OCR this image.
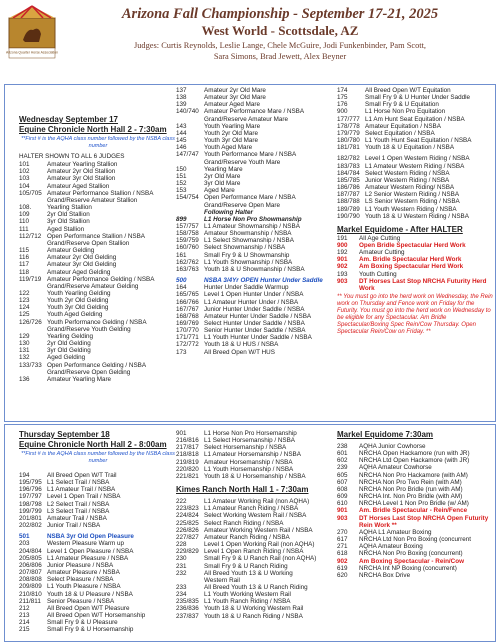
Arizona Quarter Horse Association
Arizona Fall Championship - September 17-21, 2025
West World - Scottsdale, AZ
Judges: Curtis Reynolds, Leslie Lange, Chele McGuire, Jodi Funkenbinder, Pam Scott,
Sara Simons, Brad Jewett, Alex Beyner
Wednesday September 17
Equine Chronicle North Hall 2 - 7:30am
**First # is the AQHA class number followed by the NSBA class number
HALTER SHOWN TO ALL 6 JUDGES
101	Amateur Yearling Stallion
102	Amateur 2yr Old Stallion
103	Amateur 3yr Old Stallion
104	Amateur Aged Stallion
105/705 Amateur Performance Stallion / NSBA
Grand/Reserve Amateur Stallion
108.	Yearling Stallion
109	2yr Old Stallion
110	3yr Old Stallion
111	Aged Stallion
112/712 Open Performance Stallion / NSBA
Grand/Reserve Open Stallion
115	Amateur Gelding
116	Amateur 2yr Old Gelding
117	Amateur 3yr Old Gelding
118	Amateur Aged Gelding
119/719 Amateur Performance Gelding / NSBA
Grand/Reserve Amateur Gelding
122	Youth Yearling Gelding
123	Youth 2yr Old Gelding
124	Youth 3yr Old Gelding
125	Youth Aged Gelding
126/726 Youth Performance Gelding / NSBA
Grand/Reserve Youth Gelding
129	Yearling Gelding
130	2yr Old Gelding
131	3yr Old Gelding
132	Aged Gelding
133/733 Open Performance Gelding / NSBA
Grand/Reserve Open Gelding
136	Amateur Yearling Mare
137	Amateur 2yr Old Mare
138	Amateur 3yr Old Mare
139	Amateur Aged Mare
140/740 Amateur Performance Mare / NSBA
Grand/Reserve Amateur Mare
143	Youth Yearling Mare
144	Youth 2yr Old Mare
145	Youth 3yr Old Mare
146	Youth Aged Mare
147/747 Youth Performance Mare / NSBA
Grand/Reserve Youth Mare
150	Yearling Mare
151	2yr Old Mare
152	3yr Old Mare
153	Aged Mare
154/754 Open Performance Mare / NSBA
Grand/Reserve Open Mare
Following Halter
899	L1 Horse Non Pro Showmanship
157/757 L1 Amateur Showmanship / NSBA
158/758 Amateur Showmanship / NSBA
159/759 L1 Select Showmanship / NSBA
160/760 Select Showmanship / NSBA
161	Small Fry 9 & U Showmanship
162/762 L1 Youth Showmanship / NSBA
163/763 Youth 18 & U Showmanship / NSBA
500	NSBA 3/4Yr OPEN Hunter Under Saddle
164	Hunter Under Saddle Warmup
165/765 Level 1 Open Hunter Under / NSBA
166/766 L1 Amateur Hunter Under / NSBA
167/767 Junior Hunter Under Saddle / NSBA
168/768 Amateur Hunter Under Saddle / NSBA
169/769 Select Hunter Under Saddle / NSBA
170/770 Senior Hunter Under Saddle / NSBA
171/771 L1 Youth Hunter Under Saddle / NSBA
172/772 Youth 18 & U HUS / NSBA
173	All Breed Open W/T HUS
174	All Breed Open W/T Equitation
175	Small Fry 9 & U Hunter Under Saddle
176	Small Fry 9 & U Equitation
900	L1 Horse Non Pro Equitation
177/777 L1 Am Hunt Seat Equitation / NSBA
178/778 Amateur Equitation / NSBA
179/779 Select Equitation / NSBA
180/780 L1 Youth Hunt Seat Equitation / NSBA
181/781 Youth 18 & U Equitation / NSBA
182/782 Level 1 Open Western Riding / NSBA
183/783 L1 Amateur Western Riding / NSBA
184/784 Select Western Riding / NSBA
185/785 Junior Western Riding / NSBA
186/786 Amateur Western Riding/ NSBA
187/787 L2 Senior Western Riding / NSBA
188/788 LS Senior Western Riding / NSBA
189/789 L1 Youth Western Riding / NSBA
190/790 Youth 18 & U Western Riding / NSBA
Markel Equidome - After HALTER
191	All Age Cutting
900	Open Bridle Spectacular Herd Work
192	Amateur Cutting
901	Am. Bridle Spectacular Herd Work
902	Am Boxing Spectacular Herd Work
193	Youth Cutting
903	DT Horses Last Stop NRCHA Futurity Herd Work
** You must go into the herd work on Wednesday, the Rein work on Thursday and Fence work on Friday for the Futurity. You must go into the herd work on Wednesday to be eligible for any Spectacular. Am Bridle Spectacular/Boxing Spec Rein/Cow Thursday. Open Spectacular Rein/Cow on Friday. **
Thursday September 18
Equine Chronicle North Hall 2 - 8:00am
**First # is the AQHA class number followed by the NSBA class number
194	All Breed Open W/T Trail
195/795 L1 Select Trail / NSBA
196/796 L1 Amateur Trail / NSBA
197/797 Level 1 Open Trail / NSBA
198/798 L2 Select Trail / NSBA
199/799 L3 Select Trail / NSBA
201/801 Amateur Trail / NSBA
202/802 Junior Trail / NSBA
501	NSBA 3yr Old Open Pleasure
203	Western Pleasure Warm up
204/804 Level 1 Open Pleasure / NSBA
205/805 L1 Amateur Pleasure / NSBA
206/806 Junior Pleasure / NSBA
207/807 Amateur Pleasure / NSBA
208/808 Select Pleasure / NSBA
209/809 L1 Youth Pleasure / NSBA
210/810 Youth 18 & U Pleasure / NSBA
211/811 Senior Pleasure / NSBA
212	All Breed Open W/T Pleasure
213	All Breed Open W/T Horsemanship
214	Small Fry 9 & U Pleasure
215	Small Fry 9 & U Horsemanship
901	L1 Horse Non Pro Horsemanship
216/816 L1 Select Horsemanship / NSBA
217/817 Select Horsemanship / NSBA
218/818 L1 Amateur Horsemanship / NSBA
219/819 Amateur Horsemanship / NSBA
220/820 L1 Youth Horsemanship / NSBA
221/821 Youth 18 & U Horsemanship / NSBA
Kimes Ranch North Hall 1 - 7:30am
222	L1 Amateur Working Rail (non AQHA)
223/823 L1 Amateur Ranch Riding / NSBA
224/824 Select Working Western Rail / NSBA
225/825 Select Ranch Riding / NSBA
226/826 Amateur Working Western Rail / NSBA
227/827 Amateur Ranch Riding / NSBA
228	Level 1 Open Working Rail (non AQHA)
229/829 Level 1 Open Ranch Riding / NSBA
230	Small Fry 9 & U Ranch Rail (non AQHA)
231	Small Fry 9 & U Ranch Riding
232	All Breed Youth 13 & U Working
Western Rail
233	All Breed Youth 13 & U Ranch Riding
234	L1 Youth Working Western Rail
235/835 L1 Youth Ranch Riding / NSBA
236/836 Youth 18 & U Working Western Rail
237/837 Youth 18 & U Ranch Riding / NSBA
Markel Equidome 7:30am
238	AQHA Junior Cowhorse
601	NRCHA Open Hackamore (run with JR)
602	NRCHA Ltd Open Hackamore (with JR)
239	AQHA Amateur Cowhorse
605	NRCHA Non Pro Hackamore (with AM)
607	NRCHA Non Pro Two Rein (with AM)
608	NRCHA Non Pro Bridle (run with AM)
609	NRCHA Int. Non Pro Bridle (with AM)
610	NRCHA Level 1 Non Pro Bridle (w/ AM)
901	Am. Bridle Spectacular - Rein/Fence
903	DT Horses Last Stop NRCHA Open Futurity Rein Work **
270	AQHA L1 Amateur Boxing
617	NRCHA Ltd Non Pro Boxing (concurrent
271	AQHA Amateur Boxing
618	NRCHA Non Pro Boxing (concurrent)
902	Am Boxing Spectacular - Rein/Cow
619	NRCHA Int NP Boxing (concurrent)
620	NRCHA Box Drive
